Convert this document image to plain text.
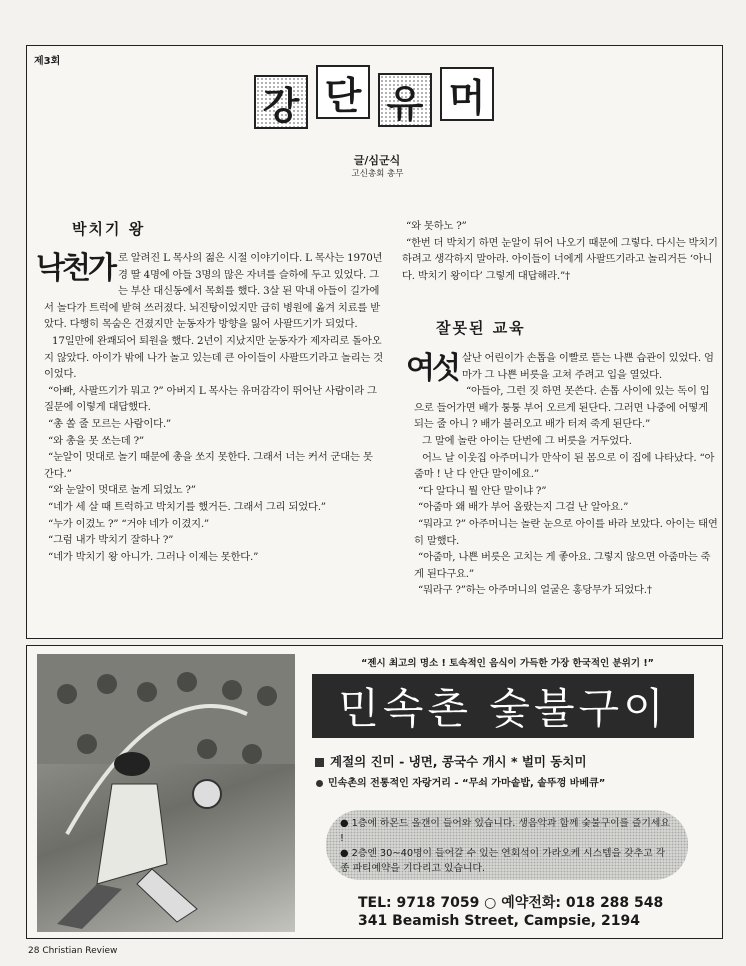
제3회
강 단 유 머
글/심군식
고신총회 총무
박치기 왕

낙천가 로 알려진 L 목사의 젊은 시절 이야기이다. L 목사는 1970년경 딸 4명에 아들 3명의 많은 자녀를 슬하에 두고 있었다. 그는 부산 대신동에서 목회를 했다. 3살 된 막내 아들이 길가에서 놀다가 트럭에 받혀 쓰러졌다. 뇌진탕이었지만 급히 병원에 옮겨 치료를 받았다. 다행히 목숨은 건졌지만 눈동자가 방향을 잃어 사팔뜨기가 되었다.

17일만에 완쾌되어 퇴원을 했다. 2년이 지났지만 눈동자가 제자리로 돌아오지 않았다. 아이가 밖에 나가 놀고 있는데 큰 아이들이 사팔뜨기라고 놀리는 것이었다.

“아빠, 사팔뜨기가 뭐고 ?” 아버지 L 목사는 유머감각이 뛰어난 사람이라 그 질문에 이렇게 대답했다.

“총 쏠 줄 모르는 사람이다.”

“와 총을 못 쏘는데 ?”

“눈알이 멋대로 놀기 때문에 총을 쏘지 못한다. 그래서 너는 커서 군대는 못 간다.”

“와 눈알이 멋대로 놀게 되었노 ?”

“네가 세 살 때 트럭하고 박치기를 했거든. 그래서 그리 되었다.”

“누가 이겼노 ?” “거야 네가 이겼지.”

“그럼 내가 박치기 잘하나 ?”

“네가 박치기 왕 아니가. 그러나 이제는 못한다.”

“와 못하노 ?”

“한번 더 박치기 하면 눈알이 뒤어 나오기 때문에 그렇다. 다시는 박치기하려고 생각하지 말아라. 아이들이 너에게 사팔뜨기라고 놀리거든 ‘아니다. 박치기 왕이다’ 그렇게 대답해라.”†

잘못된 교육

여섯 살난 어린이가 손톱을 이빨로 뜯는 나쁜 습관이 있었다. 엄마가 그 나쁜 버릇을 고쳐 주려고 입을 열었다.

“아들아, 그런 짓 하면 못쓴다. 손톱 사이에 있는 독이 입으로 들어가면 배가 퉁퉁 부어 오르게 된단다. 그러면 나중에 어떻게 되는 줄 아니 ? 배가 불러오고 배가 터져 죽게 된단다.”

그 말에 놀란 아이는 단번에 그 버릇을 거두었다.

어느 날 이웃집 아주머니가 만삭이 된 몸으로 이 집에 나타났다. “아줌마 ! 난 다 안단 말이에요.”

“다 알다니 뭘 안단 말이냐 ?”

“아줌마 왜 배가 부어 올랐는지 그걸 난 알아요.”

“뭐라고 ?” 아주머니는 놀란 눈으로 아이를 바라 보았다. 아이는 태연히 말했다.

“아줌마, 나쁜 버릇은 고치는 게 좋아요. 그렇지 않으면 아줌마는 죽게 된다구요.”

“뭐라구 ?”하는 아주머니의 얼굴은 홍당무가 되었다.†

“젠시 최고의 명소 ! 토속적인 음식이 가득한 가장 한국적인 분위기 !”
민속촌 숯불구이
계절의 진미 - 냉면, 콩국수 개시 * 벌미 동치미
민속촌의 전통적인 자랑거리 - “무쇠 가마솥밥, 솥뚜껑 바베큐”
● 1층에 하몬드 올갠이 들어와 있습니다. 생음악과 함께 숯불구이를 즐기세요 !
● 2층엔 30~40명이 들어갈 수 있는 연회석이 가라오케 시스템을 갖추고 각종 파티예약을 기다리고 있습니다.
TEL: 9718 7059 ○ 예약전화: 018 288 548
341 Beamish Street, Campsie, 2194
28 Christian Review
